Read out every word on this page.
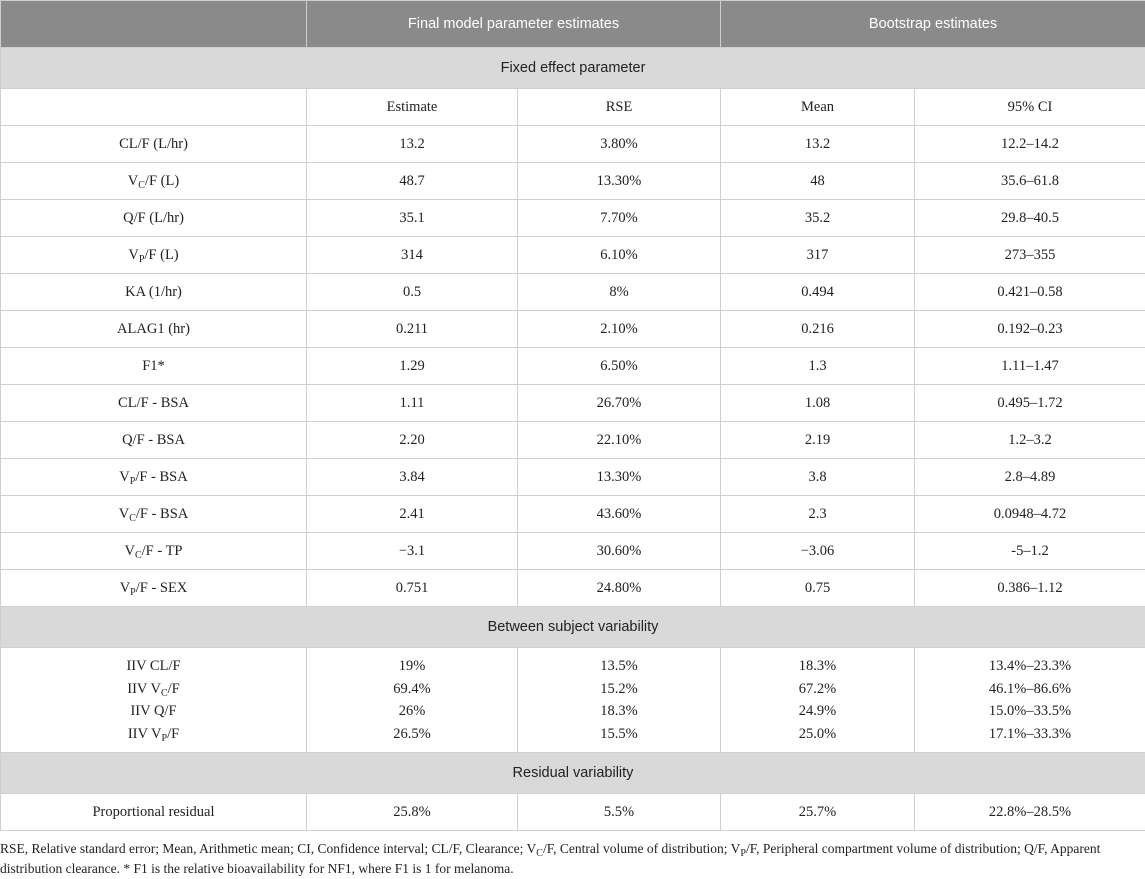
	Final model parameter estimates		Bootstrap estimates	
Fixed effect parameter				
	Estimate	RSE	Mean	95% CI
CL/F (L/hr)	13.2	3.80%	13.2	12.2–14.2
$V_C/F$ (L)	48.7	13.30%	48	35.6–61.8
Q/F (L/hr)	35.1	7.70%	35.2	29.8–40.5
$V_P/F$ (L)	314	6.10%	317	273–355
KA (1/hr)	0.5	8%	0.494	0.421–0.58
ALAG1 (hr)	0.211	2.10%	0.216	0.192–0.23
F1*	1.29	6.50%	1.3	1.11–1.47
CL/F - BSA	1.11	26.70%	1.08	0.495–1.72
Q/F - BSA	2.20	22.10%	2.19	1.2–3.2
$V_P/F$ - BSA	3.84	13.30%	3.8	2.8–4.89
$V_C/F$ - BSA	2.41	43.60%	2.3	0.0948–4.72
$V_C/F$ - TP	−3.1	30.60%	−3.06	-5–1.2
$V_P/F$ - SEX	0.751	24.80%	0.75	0.386–1.12
Between subject variability				
IIV CL/F	19%	13.5%	18.3%	13.4%–23.3%
IIV $V_C/F$	69.4%	15.2%	67.2%	46.1%–86.6%
IIV Q/F	26%	18.3%	24.9%	15.0%–33.5%
IIV $V_P/F$	26.5%	15.5%	25.0%	17.1%–33.3%
Residual variability				
Proportional residual	25.8%	5.5%	25.7%	22.8%–28.5%
RSE, Relative standard error; Mean, Arithmetic mean; CI, Confidence interval; CL/F, Clearance; $V_C/F$, Central volume of distribution; $V_P/F$, Peripheral compartment volume of distribution; Q/F, Apparent distribution clearance. * F1 is the relative bioavailability for NF1, where F1 is 1 for melanoma.
